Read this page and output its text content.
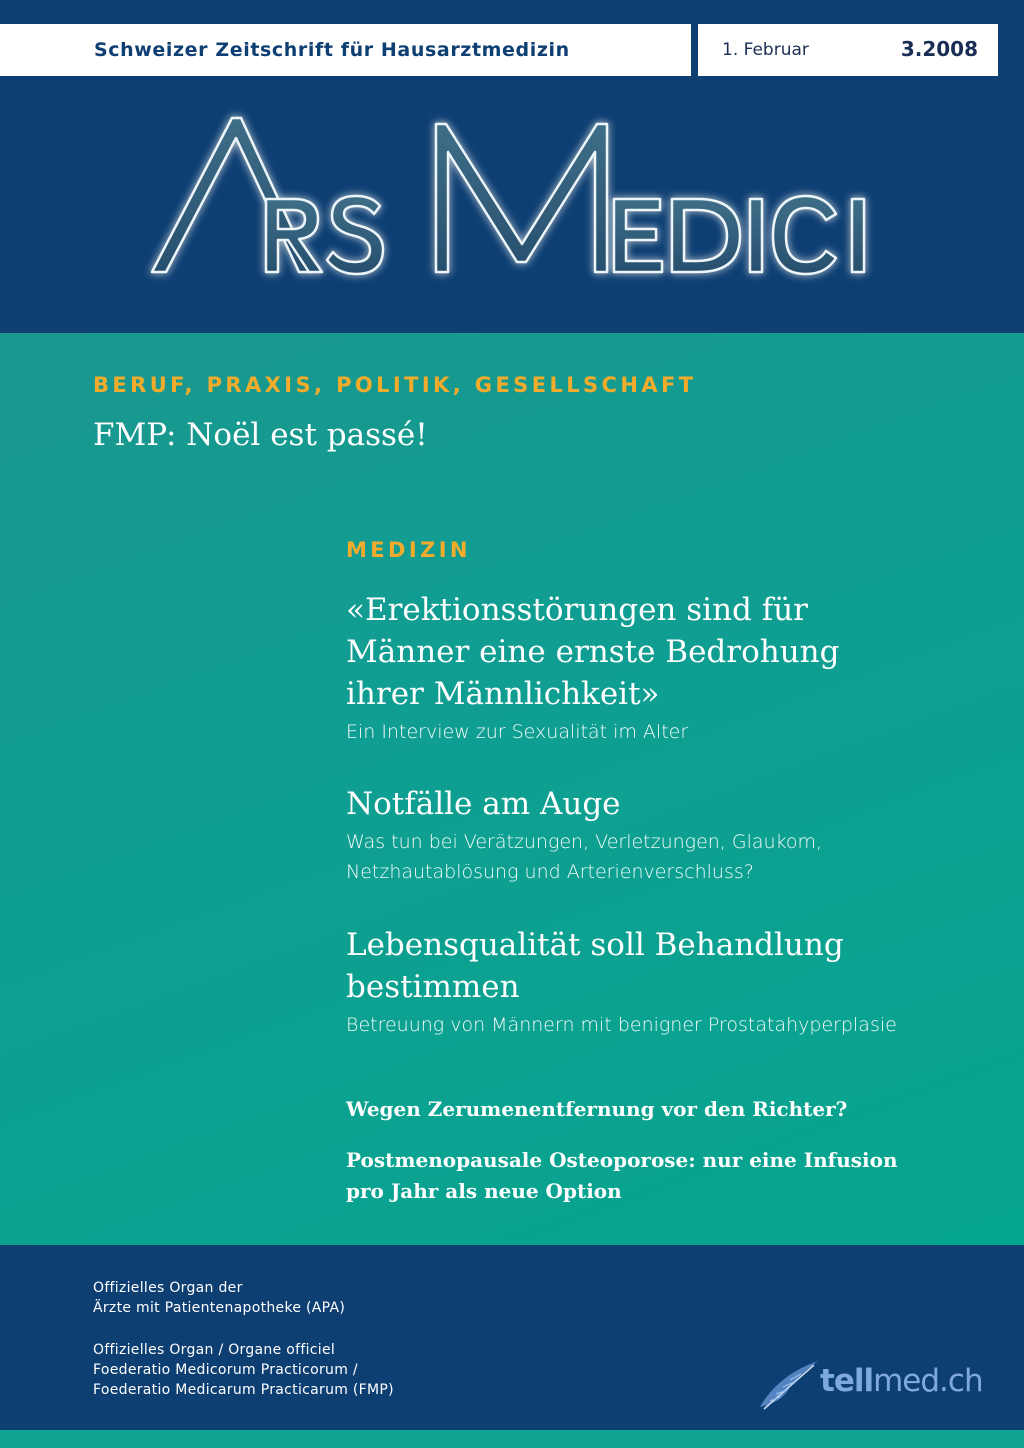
Schweizer Zeitschrift für Hausarztmedizin	1. Februar	3.2008
BERUF, PRAXIS, POLITIK, GESELLSCHAFT
FMP: Noël est passé!
MEDIZIN
«Erektionsstörungen sind für
Männer eine ernste Bedrohung
ihrer Männlichkeit»
Ein Interview zur Sexualität im Alter
Notfälle am Auge
Was tun bei Verätzungen, Verletzungen, Glaukom,
Netzhautablösung und Arterienverschluss?
Lebensqualität soll Behandlung
bestimmen
Betreuung von Männern mit benigner Prostatahyperplasie
Wegen Zerumenentfernung vor den Richter?
Postmenopausale Osteoporose: nur eine Infusion
pro Jahr als neue Option
Offizielles Organ der
Ärzte mit Patientenapotheke (APA)
Offizielles Organ / Organe officiel
Foederatio Medicorum Practicorum /
Foederatio Medicarum Practicarum (FMP)	tellmed.ch
